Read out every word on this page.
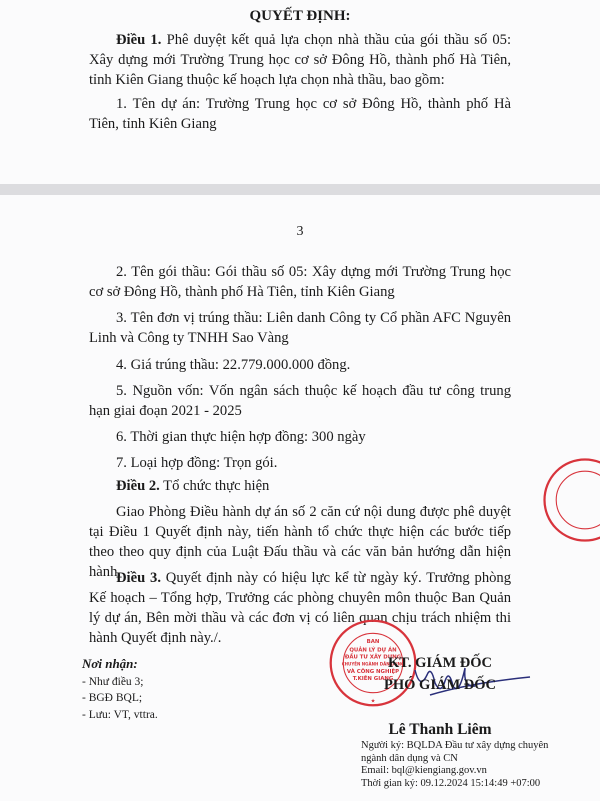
QUYẾT ĐỊNH:
Điều 1. Phê duyệt kết quả lựa chọn nhà thầu của gói thầu số 05: Xây dựng mới Trường Trung học cơ sở Đông Hồ, thành phố Hà Tiên, tỉnh Kiên Giang thuộc kế hoạch lựa chọn nhà thầu, bao gồm:
1. Tên dự án: Trường Trung học cơ sở Đông Hồ, thành phố Hà Tiên, tỉnh Kiên Giang
3
2. Tên gói thầu: Gói thầu số 05: Xây dựng mới Trường Trung học cơ sở Đông Hồ, thành phố Hà Tiên, tỉnh Kiên Giang
3. Tên đơn vị trúng thầu: Liên danh Công ty Cổ phần AFC Nguyên Linh và Công ty TNHH Sao Vàng
4. Giá trúng thầu: 22.779.000.000 đồng.
5. Nguồn vốn: Vốn ngân sách thuộc kế hoạch đầu tư công trung hạn giai đoạn 2021 - 2025
6. Thời gian thực hiện hợp đồng: 300 ngày
7. Loại hợp đồng: Trọn gói.
Điều 2. Tổ chức thực hiện
Giao Phòng Điều hành dự án số 2 căn cứ nội dung được phê duyệt tại Điều 1 Quyết định này, tiến hành tổ chức thực hiện các bước tiếp theo theo quy định của Luật Đấu thầu và các văn bản hướng dẫn hiện hành.
Điều 3. Quyết định này có hiệu lực kể từ ngày ký. Trưởng phòng Kế hoạch – Tổng hợp, Trưởng các phòng chuyên môn thuộc Ban Quản lý dự án, Bên mời thầu và các đơn vị có liên quan chịu trách nhiệm thi hành Quyết định này./.
Nơi nhận:
- Như điều 3;
- BGĐ BQL;
- Lưu: VT, vttra.
BAN
QUẢN LÝ DỰ ÁN
ĐẦU TƯ XÂY DỰNG
CHUYÊN NGÀNH DÂN DỤNG
VÀ CÔNG NGHIỆP
T.KIÊN GIANG
★
KT. GIÁM ĐỐC
PHÓ GIÁM ĐỐC
Lê Thanh Liêm
Người ký: BQLDA Đầu tư xây dựng chuyên ngành dân dụng và CN
Email: bql@kiengiang.gov.vn
Thời gian ký: 09.12.2024 15:14:49 +07:00
